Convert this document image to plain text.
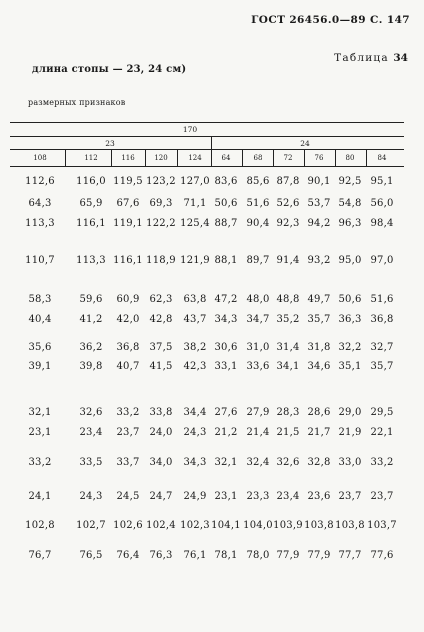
ГОСТ 26456.0—89 С. 147
Таблица 34
длина стопы — 23, 24 см)
размерных признаков
170
23	24
108	112	116	120	124	64	68	72	76	80	84
112,6 116,0 119,5 123,2 127,0 83,6 85,6 87,8 90,1 92,5 95,1
64,3	65,9 67,6 69,3 71,1 50,6 51,6 52,6 53,7 54,8 56,0
113,3 116,1 119,1 122,2 125,4 88,7 90,4 92,3 94,2 96,3 98,4
110,7 113,3 116,1 118,9 121,9 88,1 89,7 91,4 93,2 95,0 97,0
58,3	59,6 60,9 62,3 63,8 47,2 48,0 48,8 49,7 50,6 51,6
40,4	41,2 42,0 42,8 43,7 34,3 34,7 35,2 35,7 36,3 36,8
35,6	36,2 36,8 37,5 38,2 30,6 31,0 31,4 31,8 32,2 32,7
39,1	39,8 40,7 41,5 42,3 33,1 33,6 34,1 34,6 35,1 35,7
32,1	32,6 33,2 33,8 34,4 27,6 27,9 28,3 28,6 29,0 29,5
23,1	23,4 23,7 24,0 24,3 21,2 21,4 21,5 21,7 21,9 22,1
33,2	33,5 33,7 34,0 34,3 32,1 32,4 32,6 32,8 33,0 33,2
24,1	24,3 24,5 24,7 24,9 23,1 23,3 23,4 23,6 23,7 23,7
102,8 102,7 102,6 102,4 102,3 104,1 104,0 103,9 103,8 103,8 103,7
76,7	76,5 76,4 76,3 76,1 78,1 78,0 77,9 77,9 77,7 77,6
